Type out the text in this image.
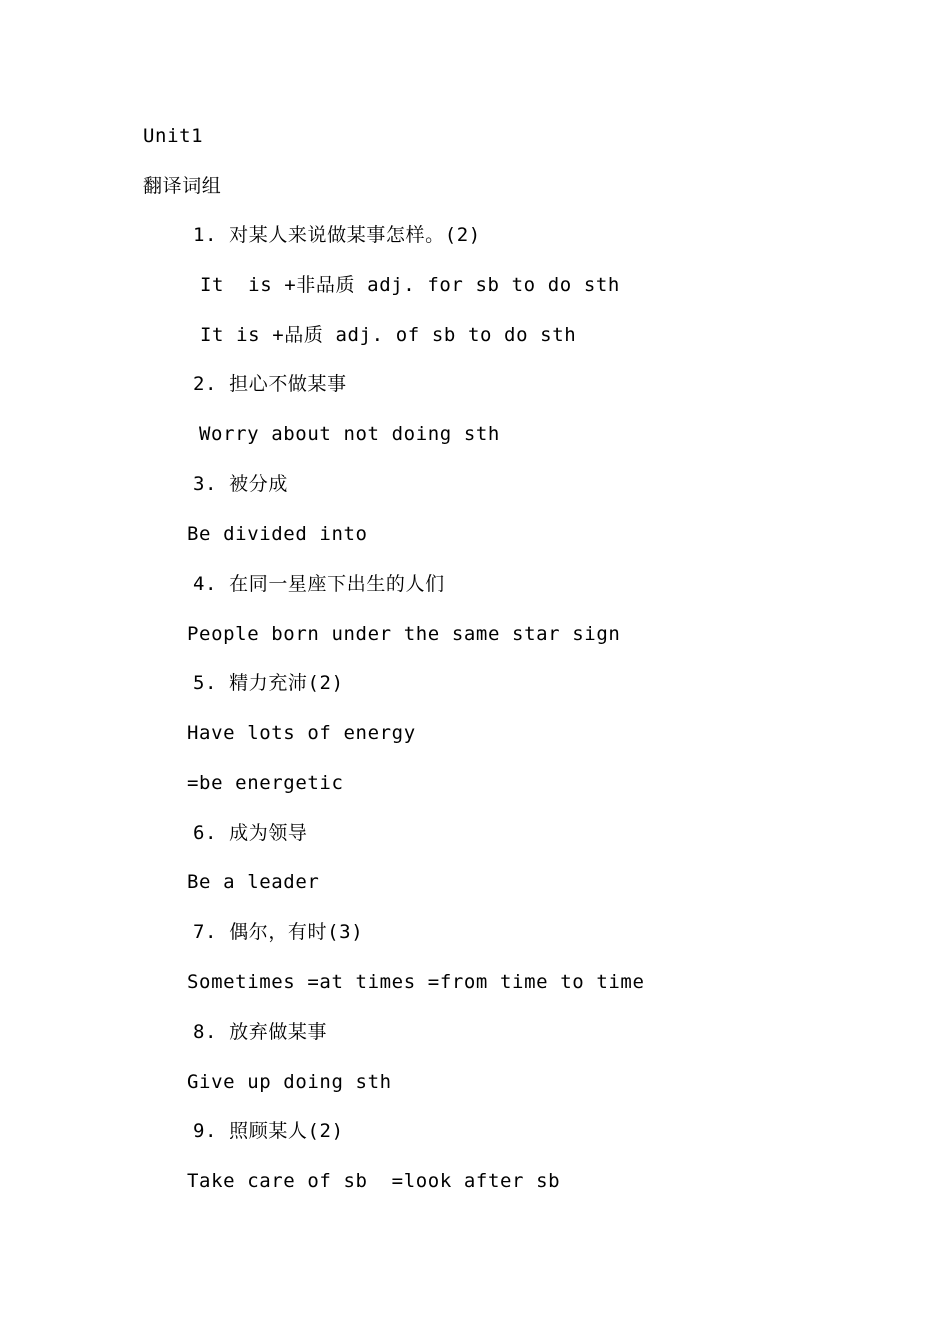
Unit1
翻译词组
1. 对某人来说做某事怎样。(2)
It  is +非品质 adj. for sb to do sth
It is +品质 adj. of sb to do sth
2. 担心不做某事
Worry about not doing sth
3. 被分成
Be divided into
4. 在同一星座下出生的人们
People born under the same star sign
5. 精力充沛(2)
Have lots of energy
=be energetic
6. 成为领导
Be a leader
7. 偶尔，有时(3)
Sometimes =at times =from time to time
8. 放弃做某事
Give up doing sth
9. 照顾某人(2)
Take care of sb  =look after sb
